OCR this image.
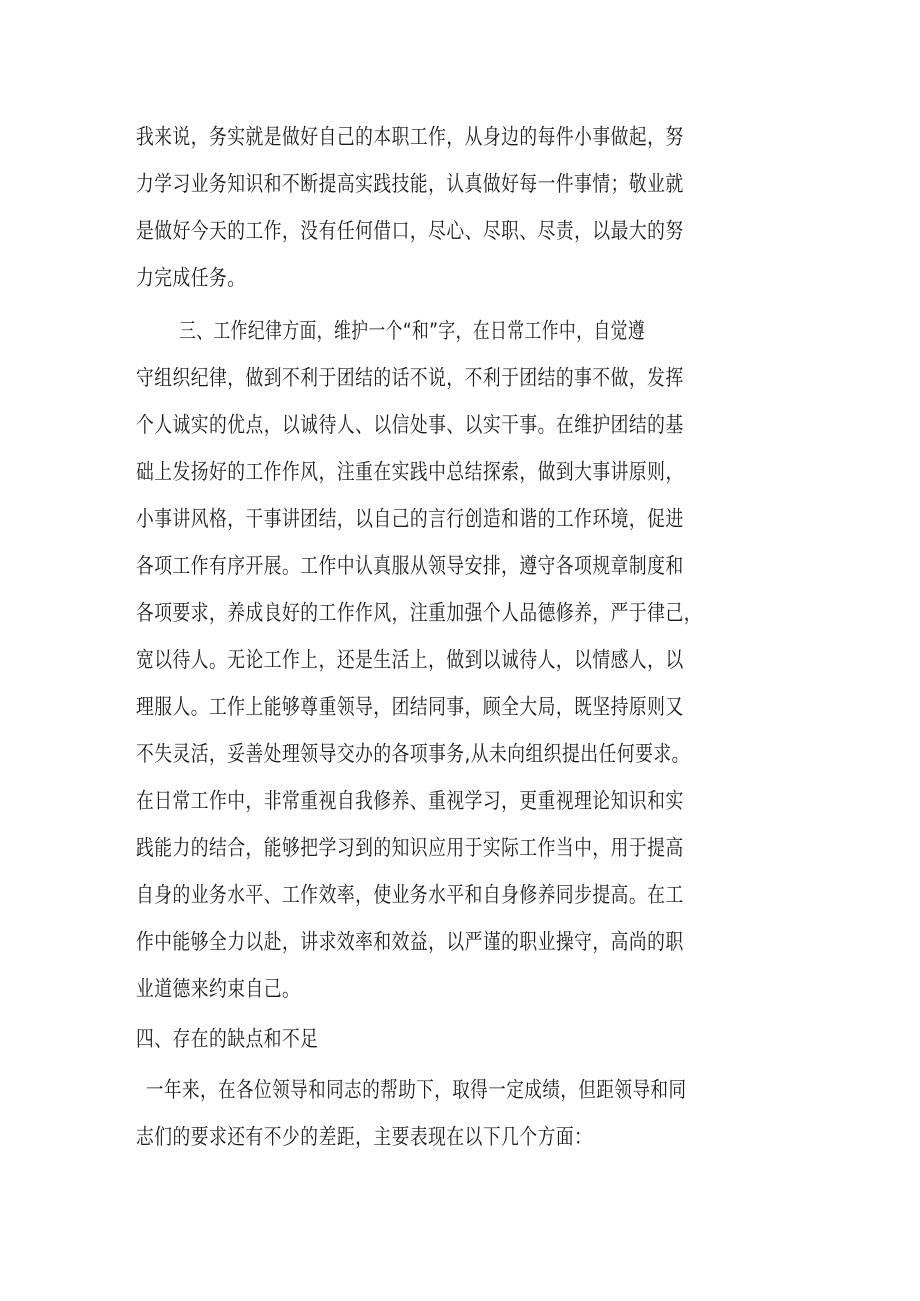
我来说，务实就是做好自己的本职工作，从身边的每件小事做起，努
力学习业务知识和不断提高实践技能，认真做好每一件事情；敬业就
是做好今天的工作，没有任何借口，尽心、尽职、尽责，以最大的努
力完成任务。
三、工作纪律方面，维护一个“和”字，在日常工作中，自觉遵
守组织纪律，做到不利于团结的话不说，不利于团结的事不做，发挥
个人诚实的优点，以诚待人、以信处事、以实干事。在维护团结的基
础上发扬好的工作作风，注重在实践中总结探索，做到大事讲原则，
小事讲风格，干事讲团结，以自己的言行创造和谐的工作环境，促进
各项工作有序开展。工作中认真服从领导安排，遵守各项规章制度和
各项要求，养成良好的工作作风，注重加强个人品德修养，严于律己，
宽以待人。无论工作上，还是生活上，做到以诚待人，以情感人，以
理服人。工作上能够尊重领导，团结同事，顾全大局，既坚持原则又
不失灵活，妥善处理领导交办的各项事务,从未向组织提出任何要求。
在日常工作中，非常重视自我修养、重视学习，更重视理论知识和实
践能力的结合，能够把学习到的知识应用于实际工作当中，用于提高
自身的业务水平、工作效率，使业务水平和自身修养同步提高。在工
作中能够全力以赴，讲求效率和效益，以严谨的职业操守，高尚的职
业道德来约束自己。
四、存在的缺点和不足
一年来，在各位领导和同志的帮助下，取得一定成绩，但距领导和同
志们的要求还有不少的差距，主要表现在以下几个方面：
